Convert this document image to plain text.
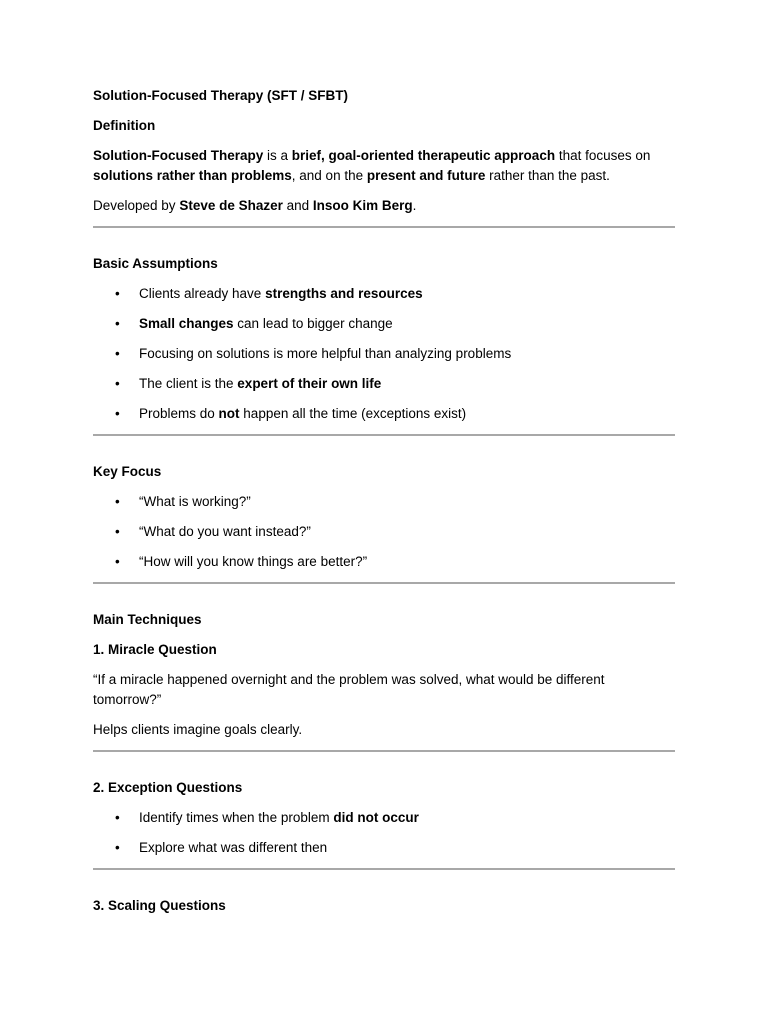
Solution-Focused Therapy (SFT / SFBT)

Definition

Solution-Focused Therapy is a brief, goal-oriented therapeutic approach that focuses on solutions rather than problems, and on the present and future rather than the past.

Developed by Steve de Shazer and Insoo Kim Berg.

Basic Assumptions

• Clients already have strengths and resources
• Small changes can lead to bigger change
• Focusing on solutions is more helpful than analyzing problems
• The client is the expert of their own life
• Problems do not happen all the time (exceptions exist)

Key Focus

• “What is working?”
• “What do you want instead?”
• “How will you know things are better?”

Main Techniques

1. Miracle Question

“If a miracle happened overnight and the problem was solved, what would be different tomorrow?”

Helps clients imagine goals clearly.

2. Exception Questions

• Identify times when the problem did not occur
• Explore what was different then

3. Scaling Questions
